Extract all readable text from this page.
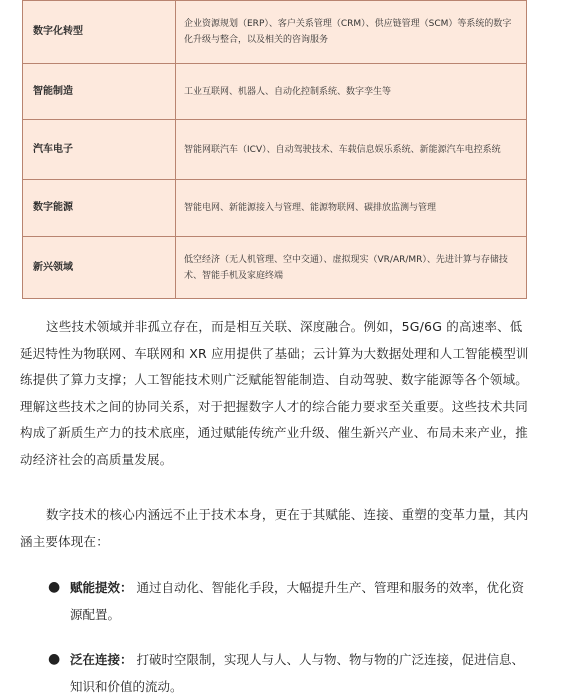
数字化转型	企业资源规划（ERP）、客户关系管理（CRM）、供应链管理（SCM）等系统的数字化升级与整合，以及相关的咨询服务
智能制造	工业互联网、机器人、自动化控制系统、数字孪生等
汽车电子	智能网联汽车（ICV）、自动驾驶技术、车载信息娱乐系统、新能源汽车电控系统
数字能源	智能电网、新能源接入与管理、能源物联网、碳排放监测与管理
新兴领域	低空经济（无人机管理、空中交通）、虚拟现实（VR/AR/MR）、先进计算与存储技术、智能手机及家庭终端

这些技术领域并非孤立存在，而是相互关联、深度融合。例如，5G/6G 的高速率、低延迟特性为物联网、车联网和 XR 应用提供了基础；云计算为大数据处理和人工智能模型训练提供了算力支撑；人工智能技术则广泛赋能智能制造、自动驾驶、数字能源等各个领域。理解这些技术之间的协同关系，对于把握数字人才的综合能力要求至关重要。这些技术共同构成了新质生产力的技术底座，通过赋能传统产业升级、催生新兴产业、布局未来产业，推动经济社会的高质量发展。

数字技术的核心内涵远不止于技术本身，更在于其赋能、连接、重塑的变革力量，其内涵主要体现在：

● 赋能提效： 通过自动化、智能化手段，大幅提升生产、管理和服务的效率，优化资源配置。
● 泛在连接： 打破时空限制，实现人与人、人与物、物与物的广泛连接，促进信息、知识和价值的流动。
